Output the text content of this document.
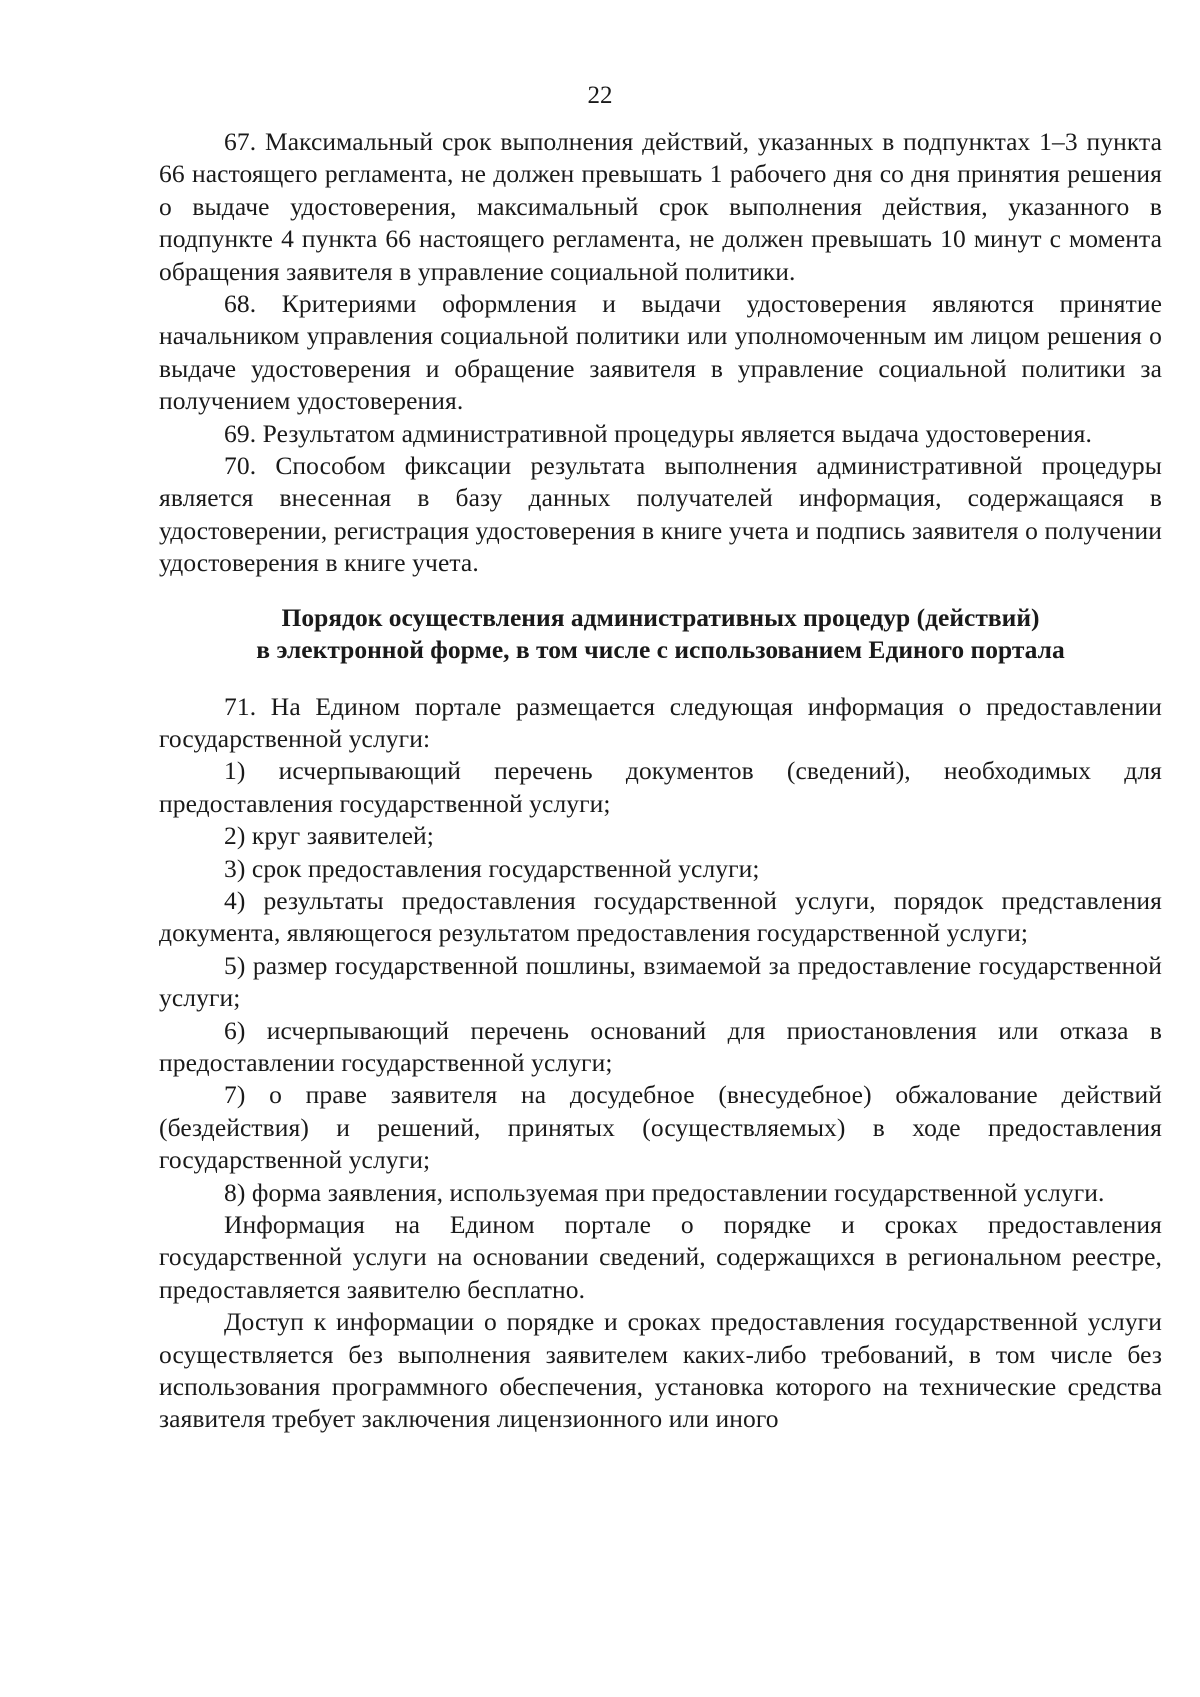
22

67. Максимальный срок выполнения действий, указанных в подпунктах 1–3 пункта 66 настоящего регламента, не должен превышать 1 рабочего дня со дня принятия решения о выдаче удостоверения, максимальный срок выполнения действия, указанного в подпункте 4 пункта 66 настоящего регламента, не должен превышать 10 минут с момента обращения заявителя в управление социальной политики.

68. Критериями оформления и выдачи удостоверения являются принятие начальником управления социальной политики или уполномоченным им лицом решения о выдаче удостоверения и обращение заявителя в управление социальной политики за получением удостоверения.

69. Результатом административной процедуры является выдача удостоверения.

70. Способом фиксации результата выполнения административной процедуры является внесенная в базу данных получателей информация, содержащаяся в удостоверении, регистрация удостоверения в книге учета и подпись заявителя о получении удостоверения в книге учета.

Порядок осуществления административных процедур (действий)
в электронной форме, в том числе с использованием Единого портала

71. На Едином портале размещается следующая информация о предоставлении государственной услуги:

1) исчерпывающий перечень документов (сведений), необходимых для предоставления государственной услуги;

2) круг заявителей;

3) срок предоставления государственной услуги;

4) результаты предоставления государственной услуги, порядок представления документа, являющегося результатом предоставления государственной услуги;

5) размер государственной пошлины, взимаемой за предоставление государственной услуги;

6) исчерпывающий перечень оснований для приостановления или отказа в предоставлении государственной услуги;

7) о праве заявителя на досудебное (внесудебное) обжалование действий (бездействия) и решений, принятых (осуществляемых) в ходе предоставления государственной услуги;

8) форма заявления, используемая при предоставлении государственной услуги.

Информация на Едином портале о порядке и сроках предоставления государственной услуги на основании сведений, содержащихся в региональном реестре, предоставляется заявителю бесплатно.

Доступ к информации о порядке и сроках предоставления государственной услуги осуществляется без выполнения заявителем каких-либо требований, в том числе без использования программного обеспечения, установка которого на технические средства заявителя требует заключения лицензионного или иного
